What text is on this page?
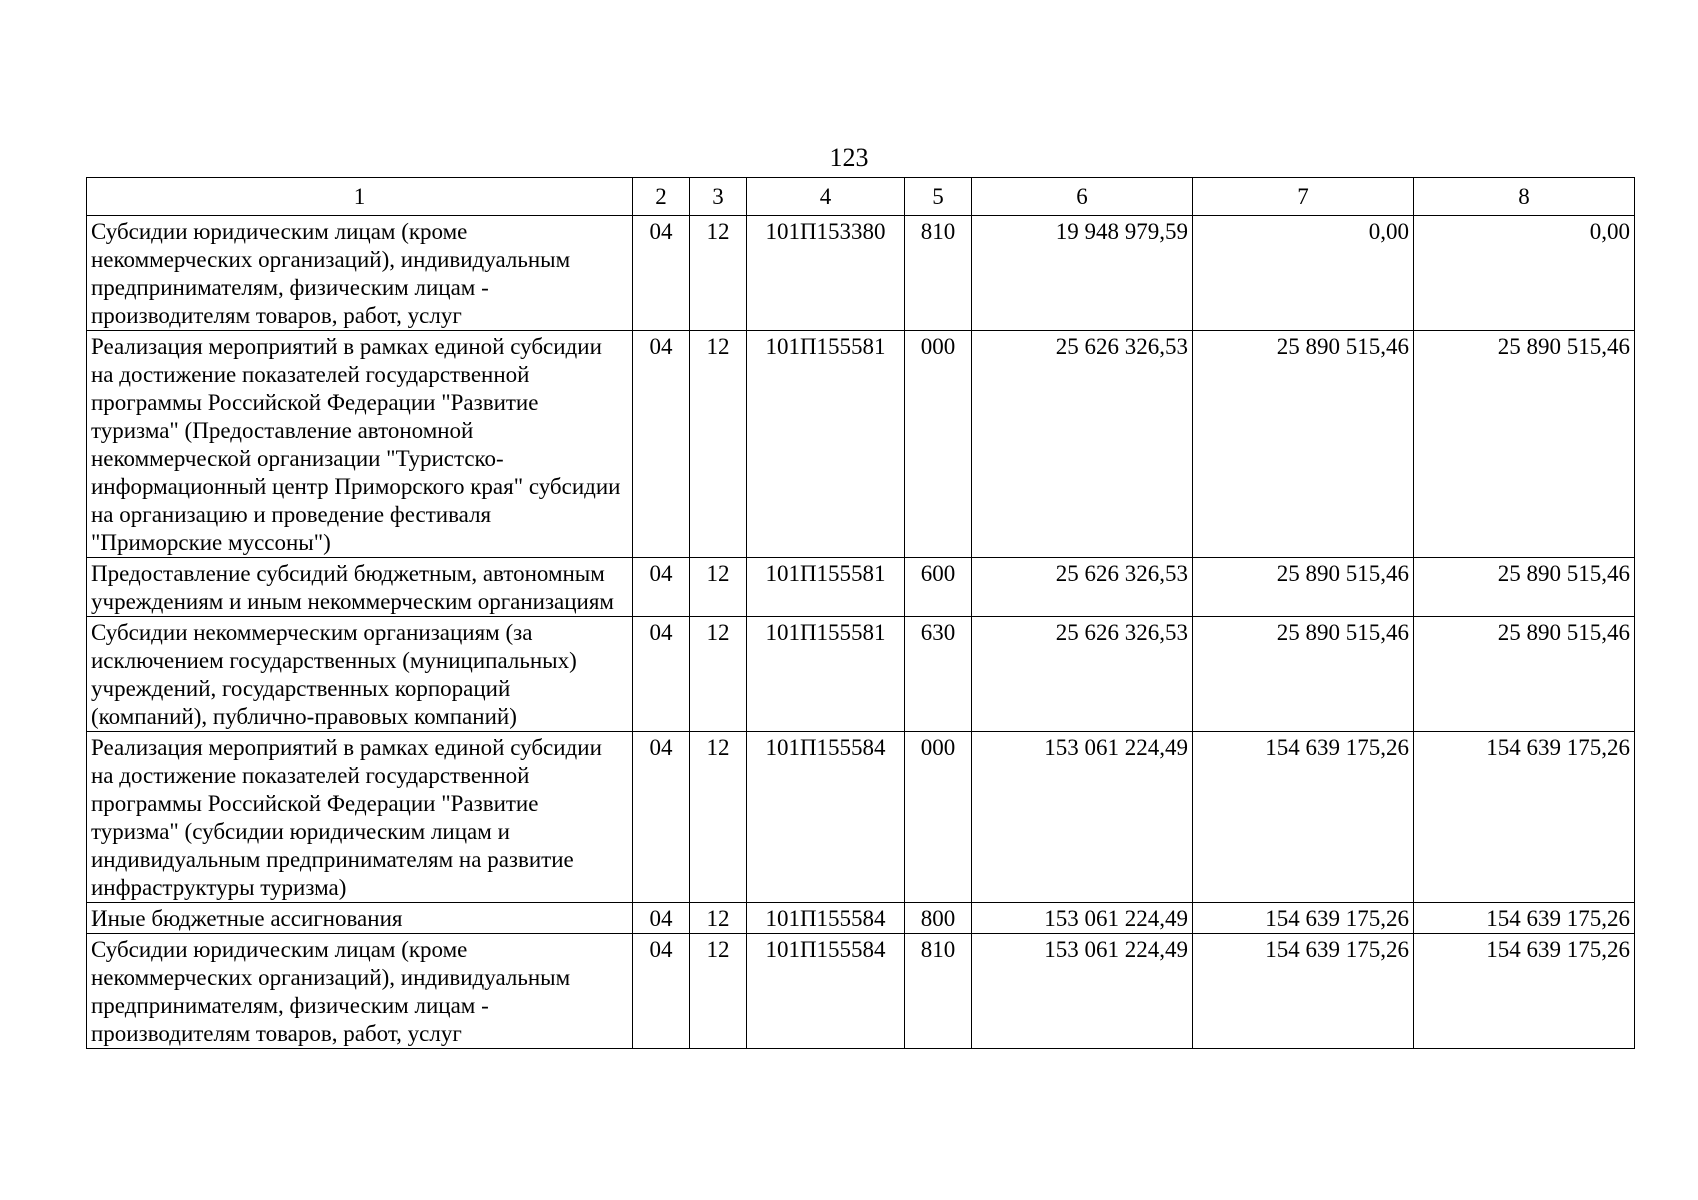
123
1	2	3	4	5	6	7	8
Субсидии юридическим лицам (кроме некоммерческих организаций), индивидуальным предпринимателям, физическим лицам - производителям товаров, работ, услуг	04	12	101П153380	810	19 948 979,59	0,00	0,00
Реализация мероприятий в рамках единой субсидии на достижение показателей государственной программы Российской Федерации "Развитие туризма" (Предоставление автономной некоммерческой организации "Туристско-информационный центр Приморского края" субсидии на организацию и проведение фестиваля "Приморские муссоны")	04	12	101П155581	000	25 626 326,53	25 890 515,46	25 890 515,46
Предоставление субсидий бюджетным, автономным учреждениям и иным некоммерческим организациям	04	12	101П155581	600	25 626 326,53	25 890 515,46	25 890 515,46
Субсидии некоммерческим организациям (за исключением государственных (муниципальных) учреждений, государственных корпораций (компаний), публично-правовых компаний)	04	12	101П155581	630	25 626 326,53	25 890 515,46	25 890 515,46
Реализация мероприятий в рамках единой субсидии на достижение показателей государственной программы Российской Федерации "Развитие туризма" (субсидии юридическим лицам и индивидуальным предпринимателям на развитие инфраструктуры туризма)	04	12	101П155584	000	153 061 224,49	154 639 175,26	154 639 175,26
Иные бюджетные ассигнования	04	12	101П155584	800	153 061 224,49	154 639 175,26	154 639 175,26
Субсидии юридическим лицам (кроме некоммерческих организаций), индивидуальным предпринимателям, физическим лицам - производителям товаров, работ, услуг	04	12	101П155584	810	153 061 224,49	154 639 175,26	154 639 175,26
